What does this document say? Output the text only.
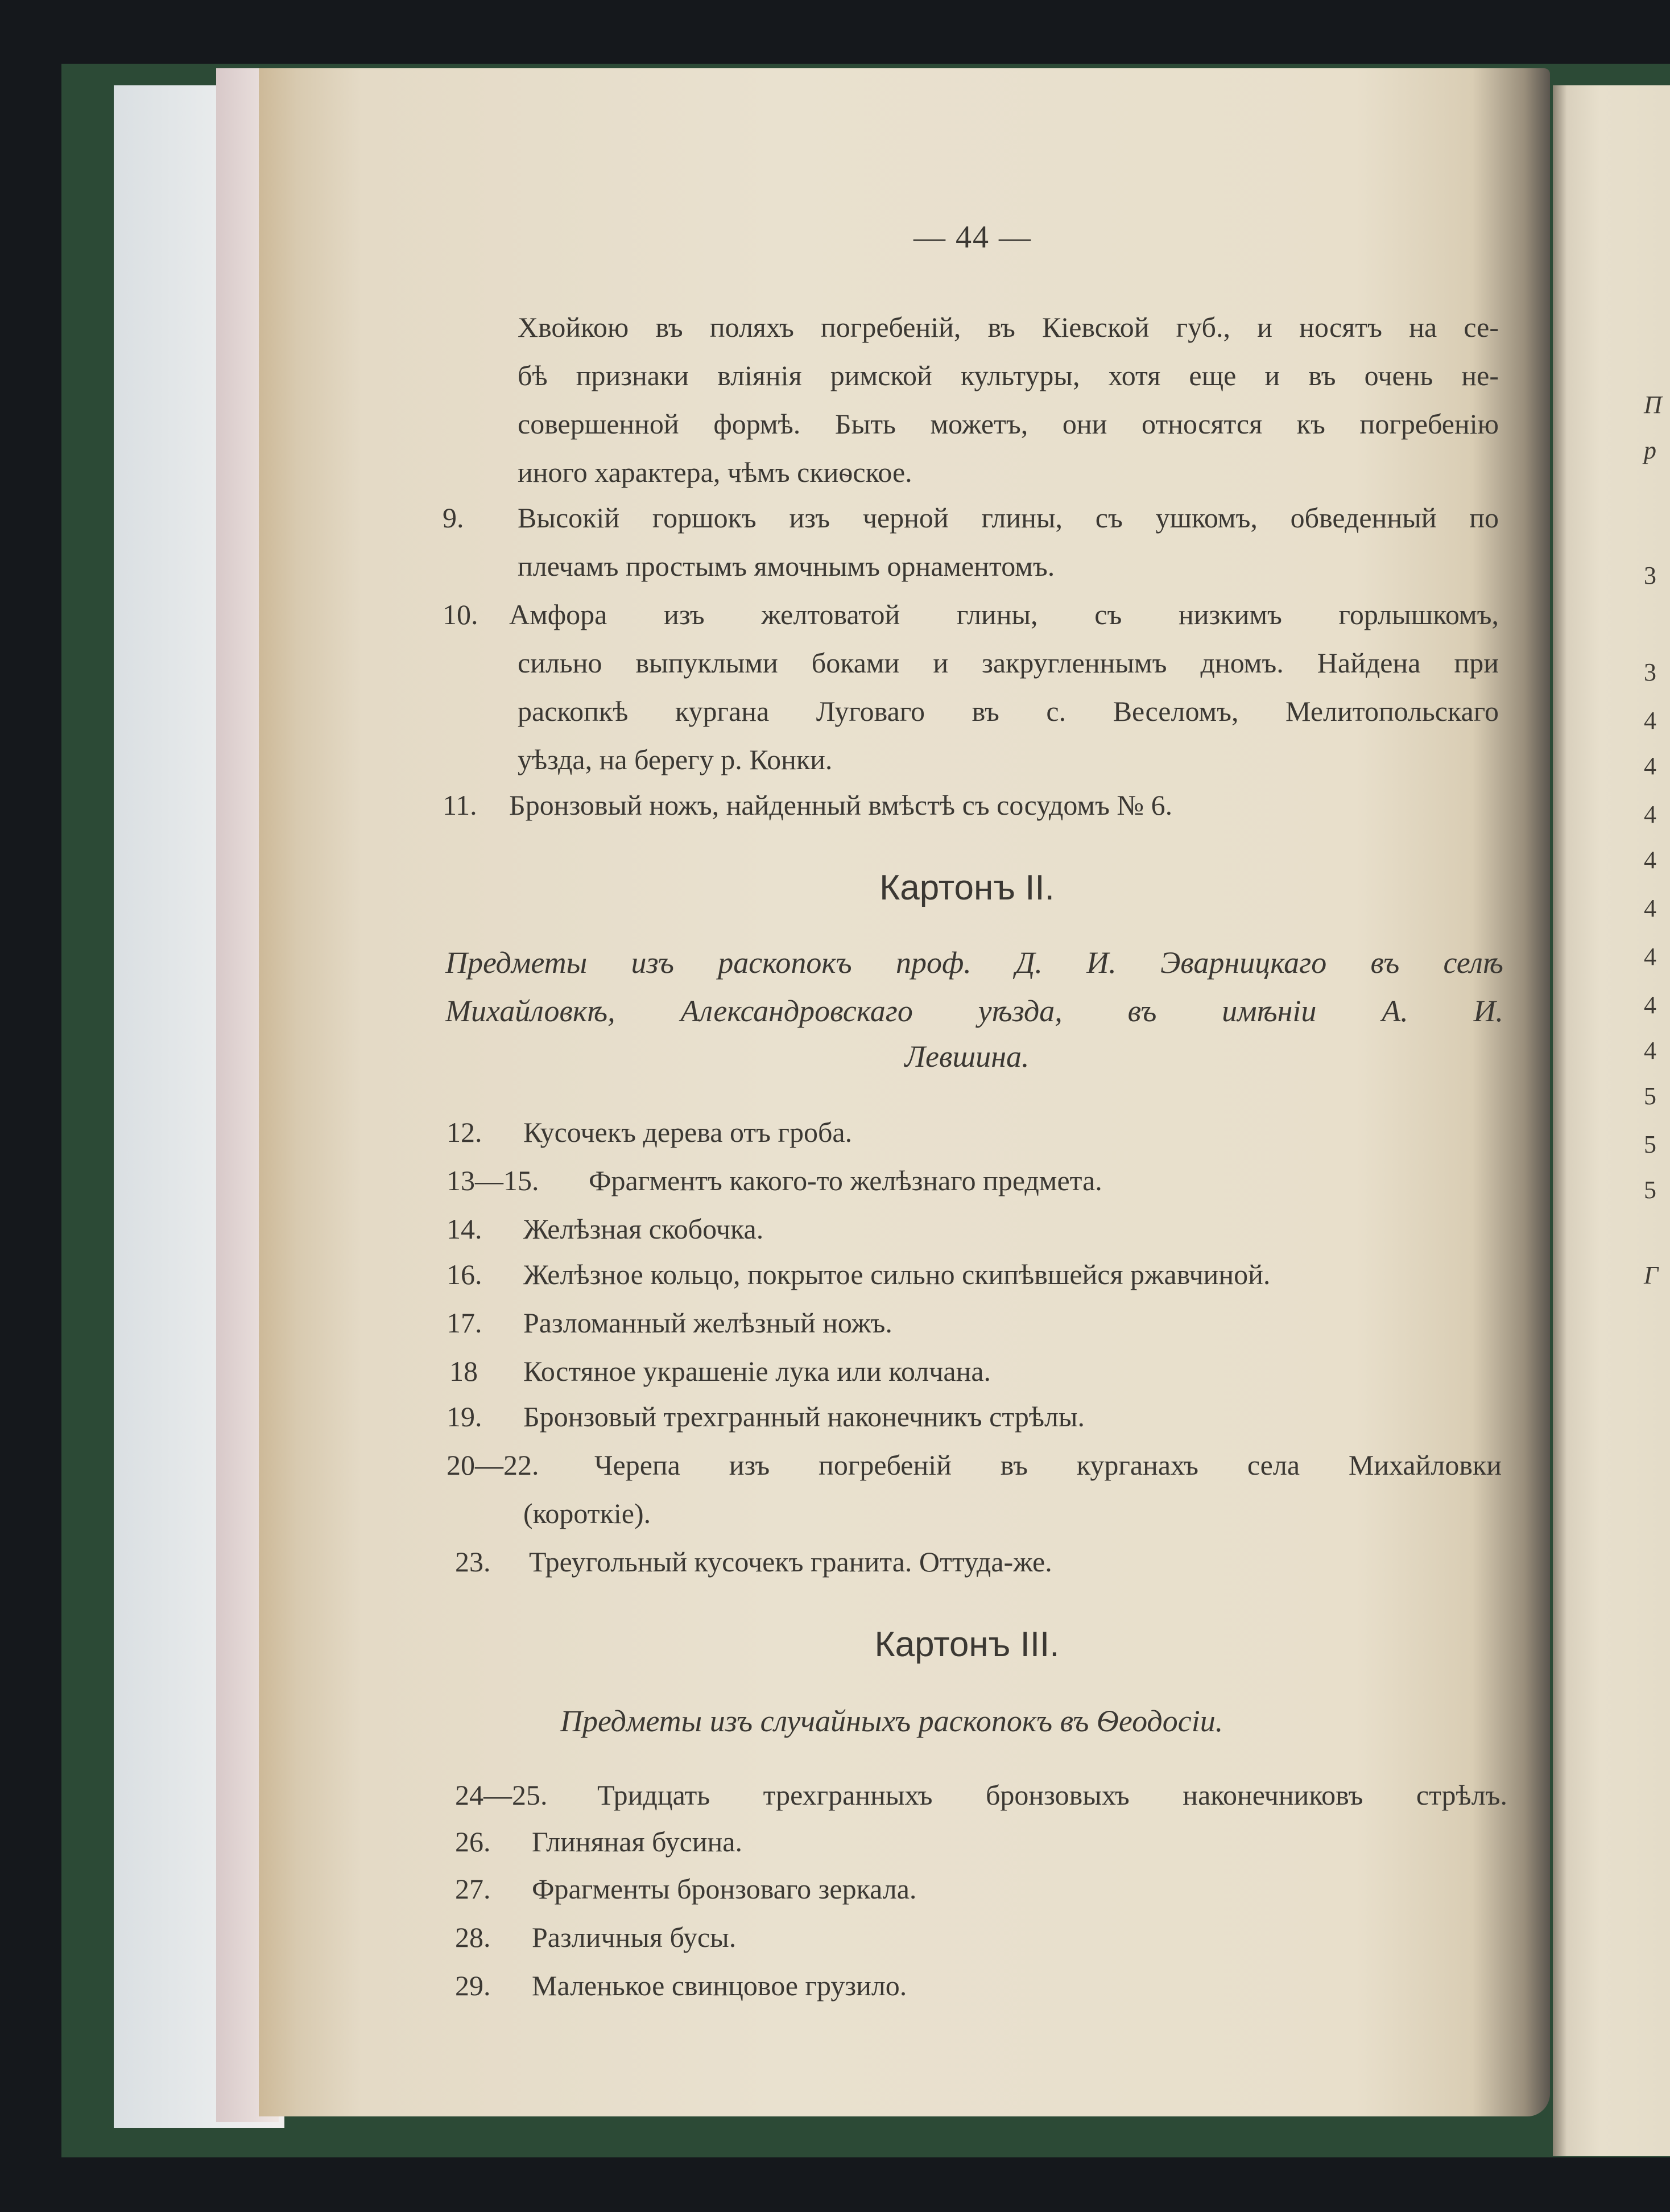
П
р
3
3
4
4
4
4
4
4
4
4
5
5
5
Г
— 44 —
Хвойкою въ поляхъ погребеній, въ Кіевской губ., и носятъ на се-
бѣ признаки вліянія римской культуры, хотя еще и въ очень не-
совершенной формѣ. Быть можетъ, они относятся къ погребенію
иного характера, чѣмъ скиѳское.
9. Высокій горшокъ изъ черной глины, съ ушкомъ, обведенный по
плечамъ простымъ ямочнымъ орнаментомъ.
10. Амфора изъ желтоватой глины, съ низкимъ горлышкомъ,
сильно выпуклыми боками и закругленнымъ дномъ. Найдена при
раскопкѣ кургана Луговаго въ с. Веселомъ, Мелитопольскаго
уѣзда, на берегу р. Конки.
11. Бронзовый ножъ, найденный вмѣстѣ съ сосудомъ № 6.
Картонъ II.
Предметы изъ раскопокъ проф. Д. И. Эварницкаго въ селѣ
Михайловкѣ, Александровскаго уѣзда, въ имѣніи А. И.
Левшина.
12. Кусочекъ дерева отъ гроба.
13—15. Фрагментъ какого-то желѣзнаго предмета.
14. Желѣзная скобочка.
16. Желѣзное кольцо, покрытое сильно скипѣвшейся ржавчиной.
17. Разломанный желѣзный ножъ.
18 Костяное украшеніе лука или колчана.
19. Бронзовый трехгранный наконечникъ стрѣлы.
20—22. Черепа изъ погребеній въ курганахъ села Михайловки
(короткіе).
23. Треугольный кусочекъ гранита. Оттуда-же.
Картонъ III.
Предметы изъ случайныхъ раскопокъ въ Ѳеодосіи.
24—25. Тридцать трехгранныхъ бронзовыхъ наконечниковъ стрѣлъ.
26. Глиняная бусина.
27. Фрагменты бронзоваго зеркала.
28. Различныя бусы.
29. Маленькое свинцовое грузило.
